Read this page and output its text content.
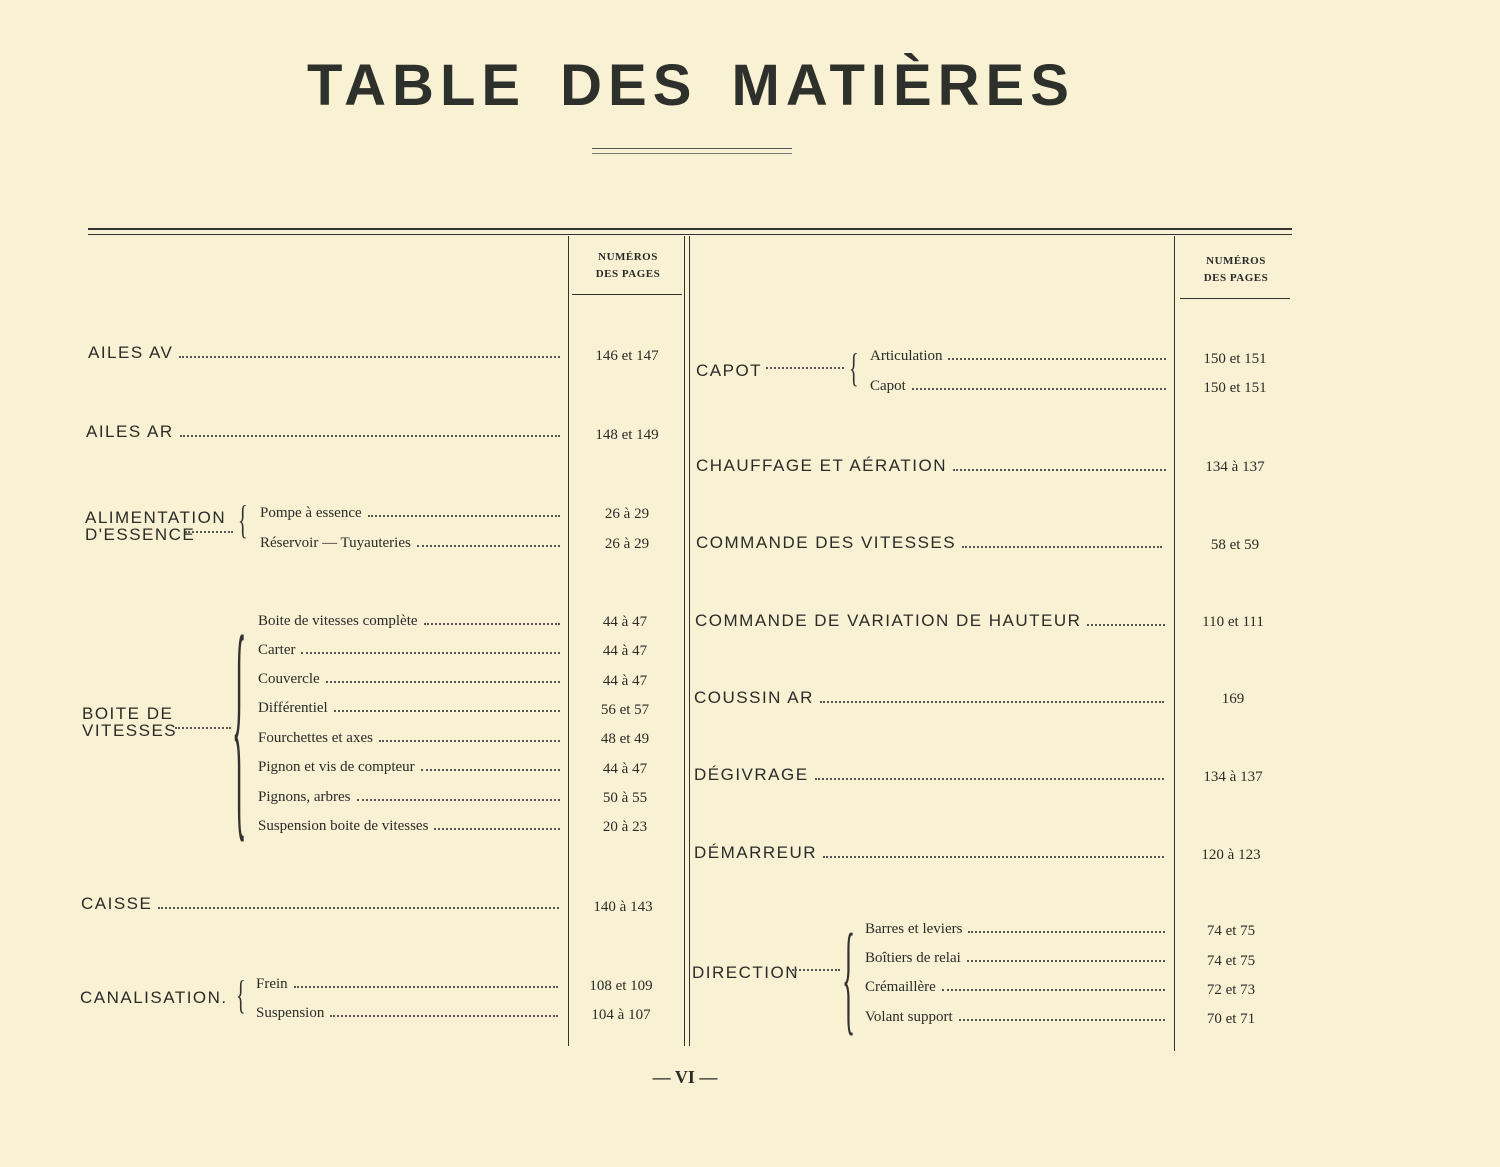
TABLE DES MATIÈRES
NUMÉROS
DES PAGES
NUMÉROS
DES PAGES
AILES AV	146 et 147
AILES AR	148 et 149
ALIMENTATION
D'ESSENCE { Pompe à essence	26 à 29
Réservoir — Tuyauteries	26 à 29
BOITE DE
VITESSES { Boite de vitesses complète	44 à 47
Carter	44 à 47
Couvercle	44 à 47
Différentiel	56 et 57
Fourchettes et axes	48 et 49
Pignon et vis de compteur	44 à 47
Pignons, arbres	50 à 55
Suspension boite de vitesses	20 à 23
CAISSE	140 à 143
CANALISATION. { Frein	108 et 109
Suspension	104 à 107
CAPOT { Articulation	150 et 151
Capot	150 et 151
CHAUFFAGE ET AÉRATION	134 à 137
COMMANDE DES VITESSES	58 et 59
COMMANDE DE VARIATION DE HAUTEUR	110 et 111
COUSSIN AR	169
DÉGIVRAGE	134 à 137
DÉMARREUR	120 à 123
DIRECTION { Barres et leviers	74 et 75
Boîtiers de relai	74 et 75
Crémaillère	72 et 73
Volant support	70 et 71
— VI —
